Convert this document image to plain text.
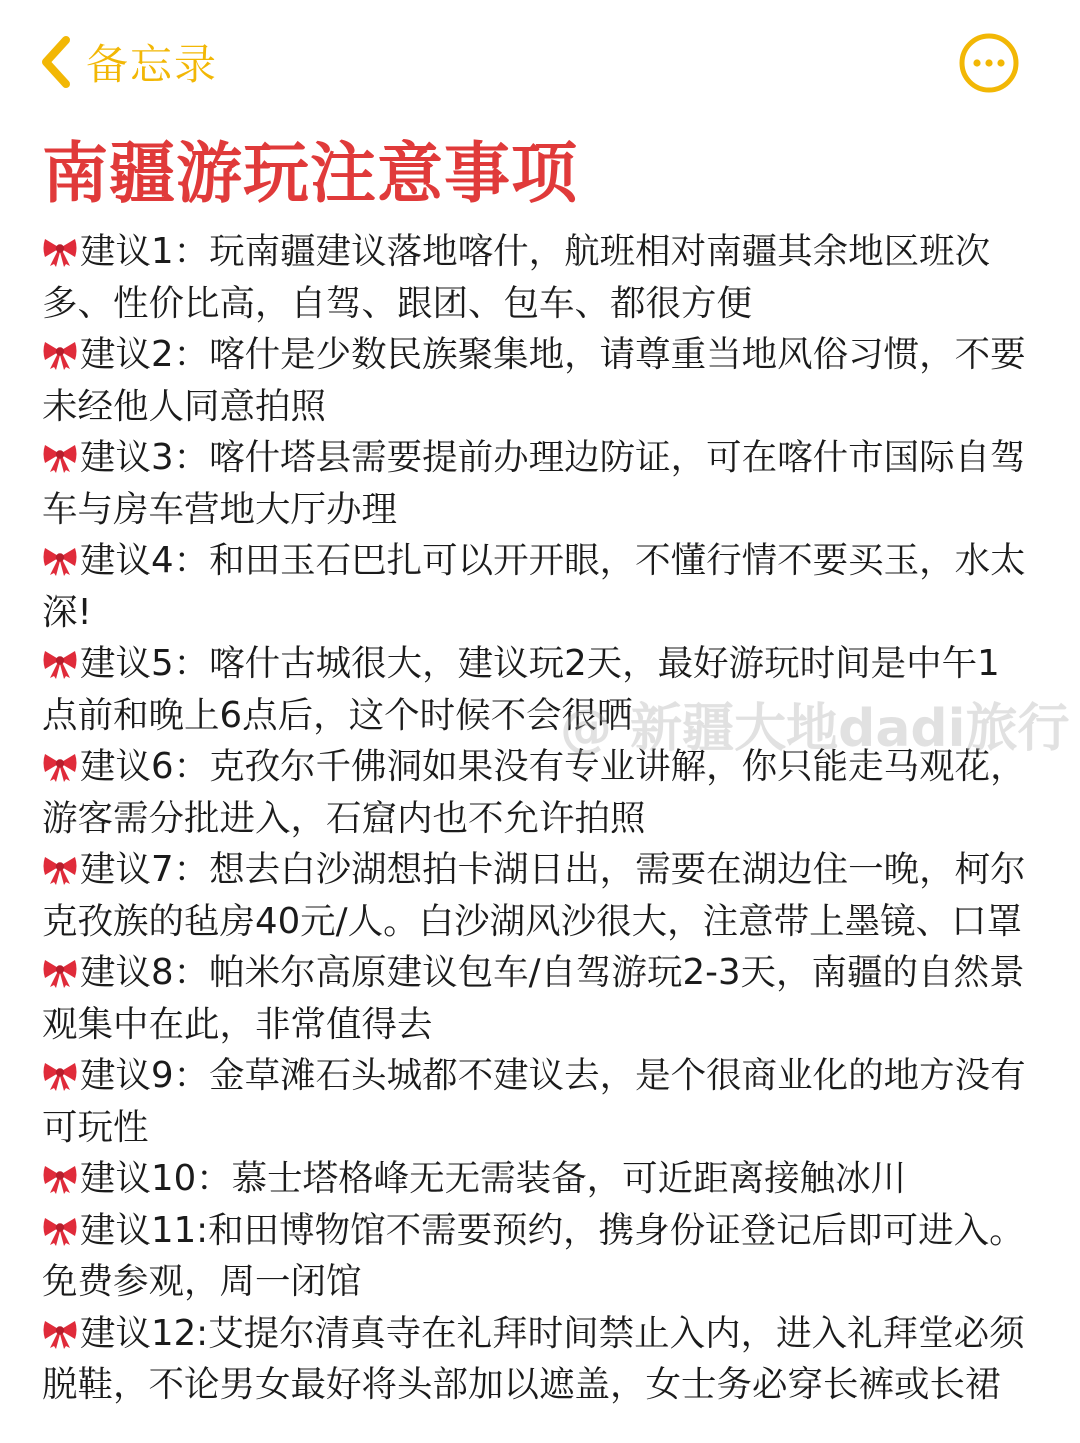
备忘录
南疆游玩注意事项

建议1：玩南疆建议落地喀什，航班相对南疆其余地区班次多、性价比高，自驾、跟团、包车、都很方便

建议2：喀什是少数民族聚集地，请尊重当地风俗习惯，不要未经他人同意拍照

建议3：喀什塔县需要提前办理边防证，可在喀什市国际自驾车与房车营地大厅办理

建议4：和田玉石巴扎可以开开眼，不懂行情不要买玉，水太深!

建议5：喀什古城很大，建议玩2天，最好游玩时间是中午1点前和晚上6点后，这个时候不会很晒

建议6：克孜尔千佛洞如果没有专业讲解，你只能走马观花，游客需分批进入，石窟内也不允许拍照

建议7：想去白沙湖想拍卡湖日出，需要在湖边住一晚，柯尔克孜族的毡房40元/人。白沙湖风沙很大，注意带上墨镜、口罩

建议8：帕米尔高原建议包车/自驾游玩2-3天，南疆的自然景观集中在此，非常值得去

建议9：金草滩石头城都不建议去，是个很商业化的地方没有可玩性

建议10：慕士塔格峰无无需装备，可近距离接触冰川

建议11:和田博物馆不需要预约，携身份证登记后即可进入。免费参观，周一闭馆

建议12:艾提尔清真寺在礼拜时间禁止入内，进入礼拜堂必须脱鞋，不论男女最好将头部加以遮盖，女士务必穿长裤或长裙

@ 新疆大地dadi旅行
